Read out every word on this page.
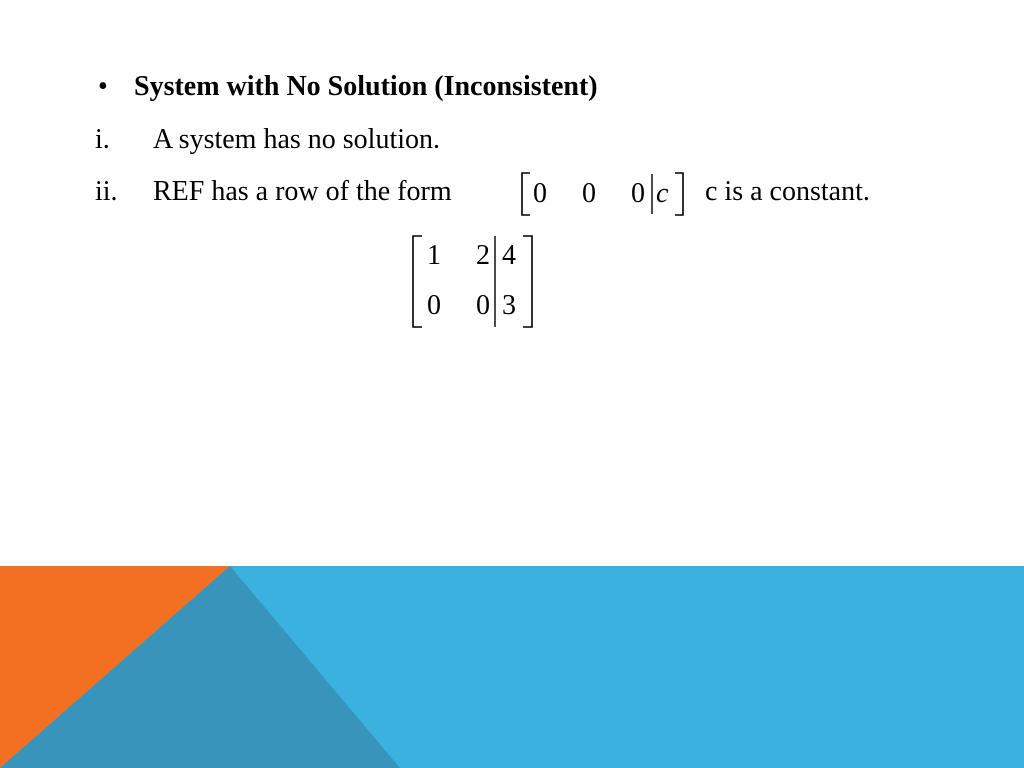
• System with No Solution (Inconsistent)
i. A system has no solution.
ii. REF has a row of the form	c is a constant.
0 0 0 c
1 2 4
0 0 3
